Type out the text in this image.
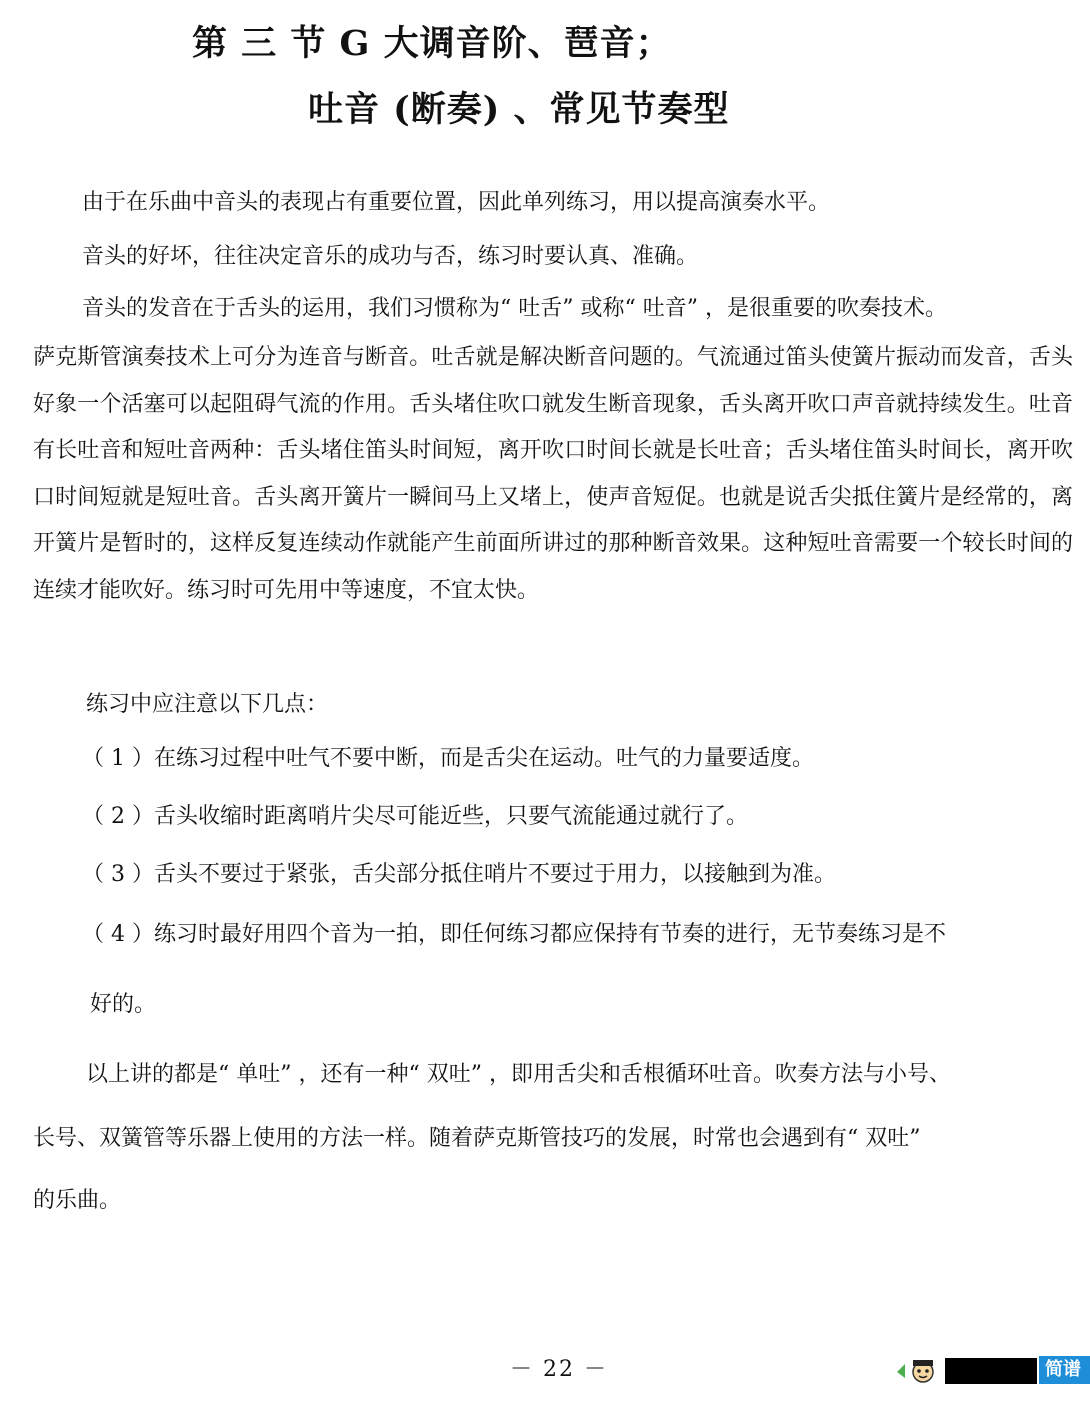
第 三 节 G 大调音阶、琶音；
吐音 (断奏) 、常见节奏型
由于在乐曲中音头的表现占有重要位置，因此单列练习，用以提高演奏水平。
音头的好坏，往往决定音乐的成功与否，练习时要认真、准确。
音头的发音在于舌头的运用，我们习惯称为“ 吐舌” 或称“ 吐音” ，是很重要的吹奏技术。
萨克斯管演奏技术上可分为连音与断音。吐舌就是解决断音问题的。气流通过笛头使簧片振动而发音，舌头好象一个活塞可以起阻碍气流的作用。舌头堵住吹口就发生断音现象，舌头离开吹口声音就持续发生。吐音有长吐音和短吐音两种：舌头堵住笛头时间短，离开吹口时间长就是长吐音；舌头堵住笛头时间长，离开吹口时间短就是短吐音。舌头离开簧片一瞬间马上又堵上，使声音短促。也就是说舌尖抵住簧片是经常的，离开簧片是暂时的，这样反复连续动作就能产生前面所讲过的那种断音效果。这种短吐音需要一个较长时间的连续才能吹好。练习时可先用中等速度，不宜太快。
练习中应注意以下几点：
（ 1 ）在练习过程中吐气不要中断，而是舌尖在运动。吐气的力量要适度。
（ 2 ）舌头收缩时距离哨片尖尽可能近些，只要气流能通过就行了。
（ 3 ）舌头不要过于紧张，舌尖部分抵住哨片不要过于用力，以接触到为准。
（ 4 ）练习时最好用四个音为一拍，即任何练习都应保持有节奏的进行，无节奏练习是不
好的。
以上讲的都是“ 单吐” ，还有一种“ 双吐” ，即用舌尖和舌根循环吐音。吹奏方法与小号、
长号、双簧管等乐器上使用的方法一样。随着萨克斯管技巧的发展，时常也会遇到有“ 双吐”
的乐曲。
－ 22 －	简谱网
